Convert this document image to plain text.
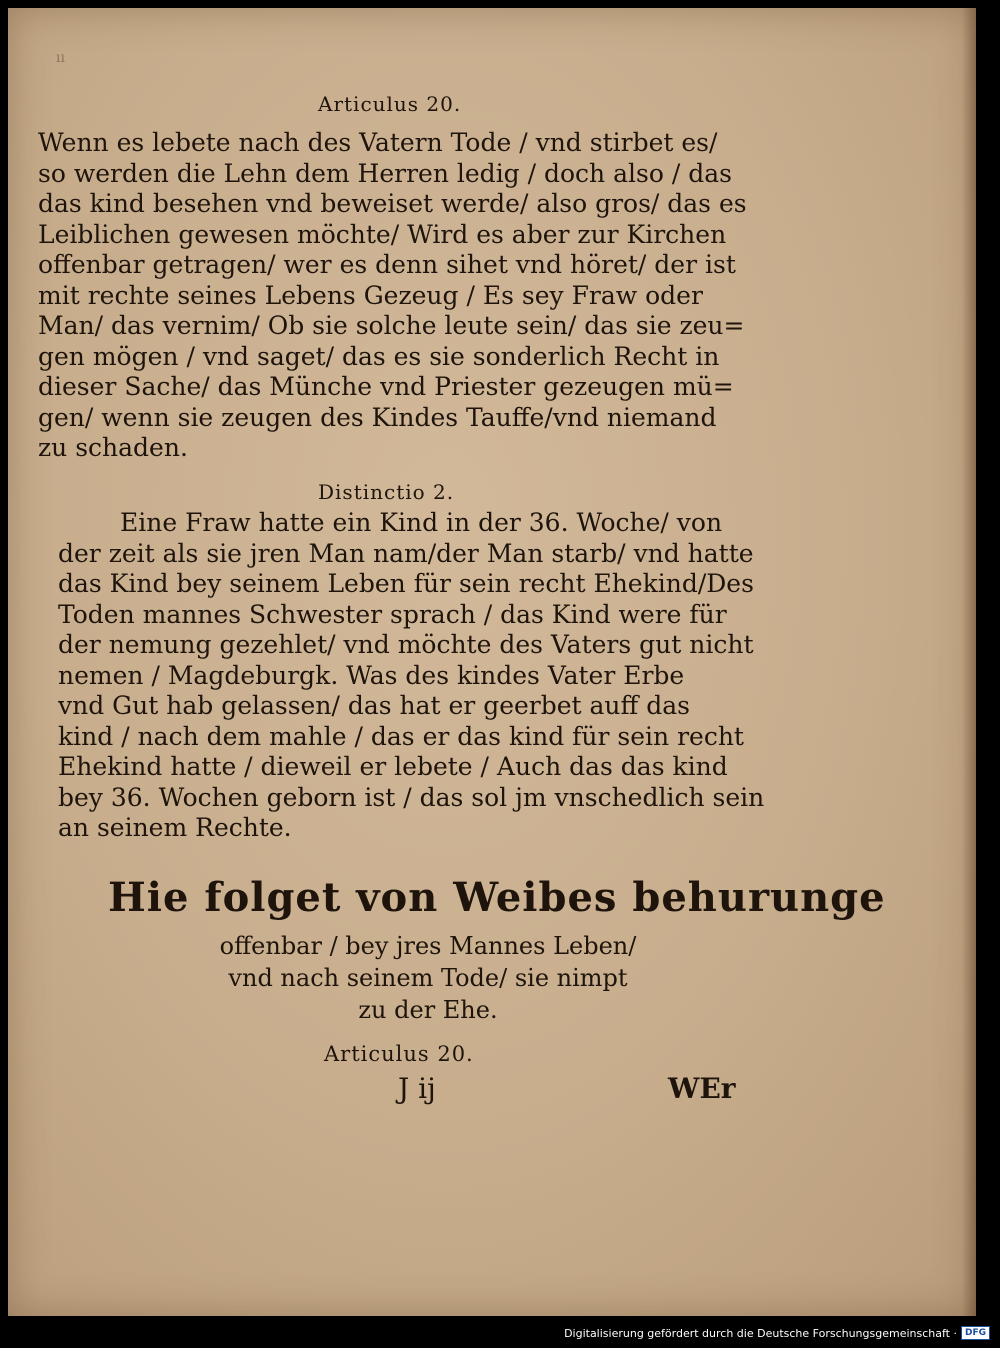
ıı
Articulus 20.
Wenn es lebete nach des Vatern Tode / vnd stirbet es/
so werden die Lehn dem Herren ledig / doch also / das
das kind besehen vnd beweiset werde/ also gros/ das es
Leiblichen gewesen möchte/ Wird es aber zur Kirchen
offenbar getragen/ wer es denn sihet vnd höret/ der ist
mit rechte seines Lebens Gezeug / Es sey Fraw oder
Man/ das vernim/ Ob sie solche leute sein/ das sie zeu=
gen mögen / vnd saget/ das es sie sonderlich Recht in
dieser Sache/ das Münche vnd Priester gezeugen mü=
gen/ wenn sie zeugen des Kindes Tauffe/vnd niemand
zu schaden.
Distinctio 2.
Eine Fraw hatte ein Kind in der 36. Woche/ von
der zeit als sie jren Man nam/der Man starb/ vnd hatte
das Kind bey seinem Leben für sein recht Ehekind/Des
Toden mannes Schwester sprach / das Kind were für
der nemung gezehlet/ vnd möchte des Vaters gut nicht
nemen / Magdeburgk. Was des kindes Vater Erbe
vnd Gut hab gelassen/ das hat er geerbet auff das
kind / nach dem mahle / das er das kind für sein recht
Ehekind hatte / dieweil er lebete / Auch das das kind
bey 36. Wochen geborn ist / das sol jm vnschedlich sein
an seinem Rechte.
Hie folget von Weibes behurunge
offenbar / bey jres Mannes Leben/
vnd nach seinem Tode/ sie nimpt
zu der Ehe.
Articulus 20.
J ij	WEr
Digitalisierung gefördert durch die Deutsche Forschungsgemeinschaft · DFG
